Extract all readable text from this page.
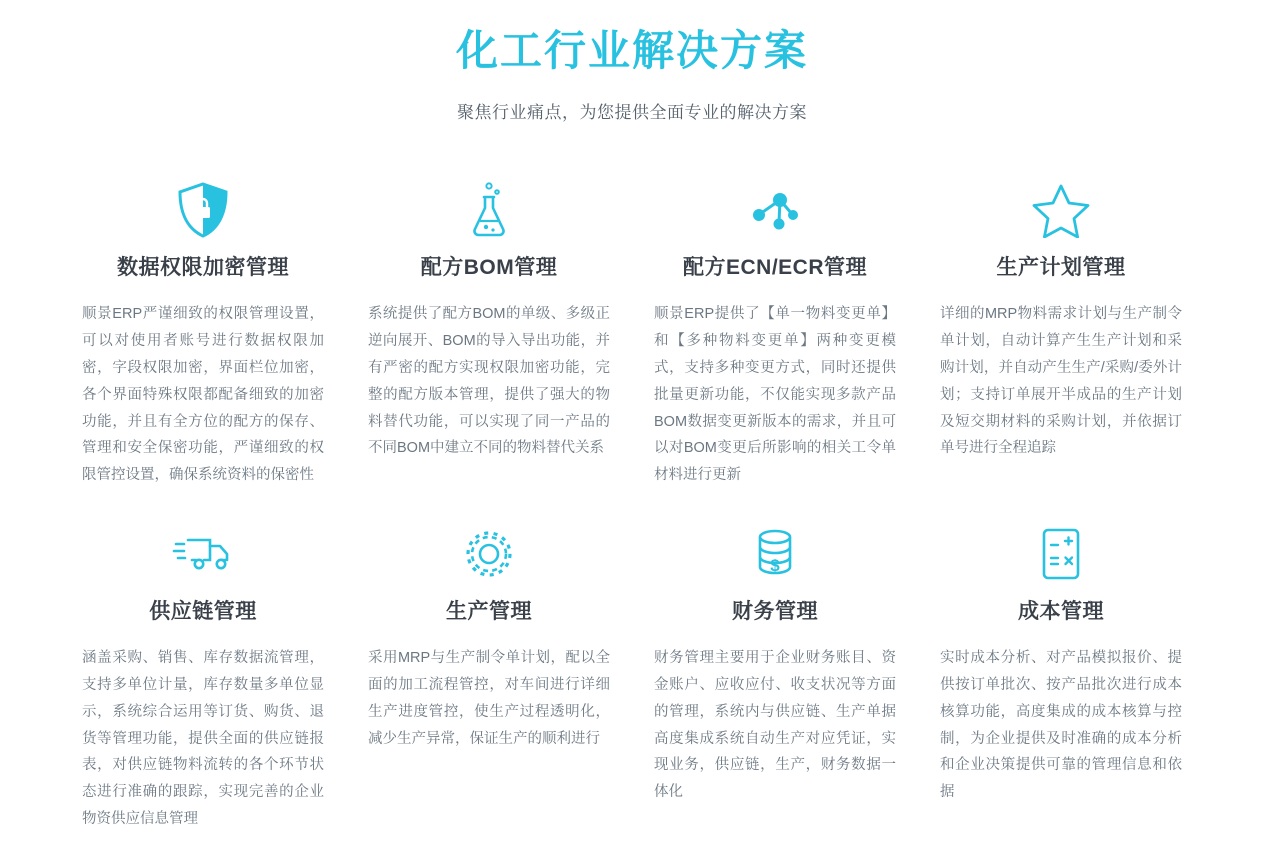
化工行业解决方案

聚焦行业痛点，为您提供全面专业的解决方案

数据权限加密管理

顺景ERP严谨细致的权限管理设置，可以对使用者账号进行数据权限加密，字段权限加密，界面栏位加密，各个界面特殊权限都配备细致的加密功能，并且有全方位的配方的保存、管理和安全保密功能，严谨细致的权限管控设置，确保系统资料的保密性

配方BOM管理

系统提供了配方BOM的单级、多级正逆向展开、BOM的导入导出功能，并有严密的配方实现权限加密功能，完整的配方版本管理，提供了强大的物料替代功能，可以实现了同一产品的不同BOM中建立不同的物料替代关系

配方ECN/ECR管理

顺景ERP提供了【单一物料变更单】和【多种物料变更单】两种变更模式，支持多种变更方式，同时还提供批量更新功能，不仅能实现多款产品BOM数据变更新版本的需求，并且可以对BOM变更后所影响的相关工令单材料进行更新

生产计划管理

详细的MRP物料需求计划与生产制令单计划，自动计算产生生产计划和采购计划，并自动产生生产/采购/委外计划；支持订单展开半成品的生产计划及短交期材料的采购计划，并依据订单号进行全程追踪

供应链管理

涵盖采购、销售、库存数据流管理，支持多单位计量，库存数量多单位显示，系统综合运用等订货、购货、退货等管理功能，提供全面的供应链报表，对供应链物料流转的各个环节状态进行准确的跟踪，实现完善的企业物资供应信息管理

生产管理

采用MRP与生产制令单计划，配以全面的加工流程管控，对车间进行详细生产进度管控，使生产过程透明化，减少生产异常，保证生产的顺利进行

$
财务管理

财务管理主要用于企业财务账目、资金账户、应收应付、收支状况等方面的管理，系统内与供应链、生产单据高度集成系统自动生产对应凭证，实现业务，供应链，生产，财务数据一体化

成本管理

实时成本分析、对产品模拟报价、提供按订单批次、按产品批次进行成本核算功能，高度集成的成本核算与控制，为企业提供及时准确的成本分析和企业决策提供可靠的管理信息和依据
